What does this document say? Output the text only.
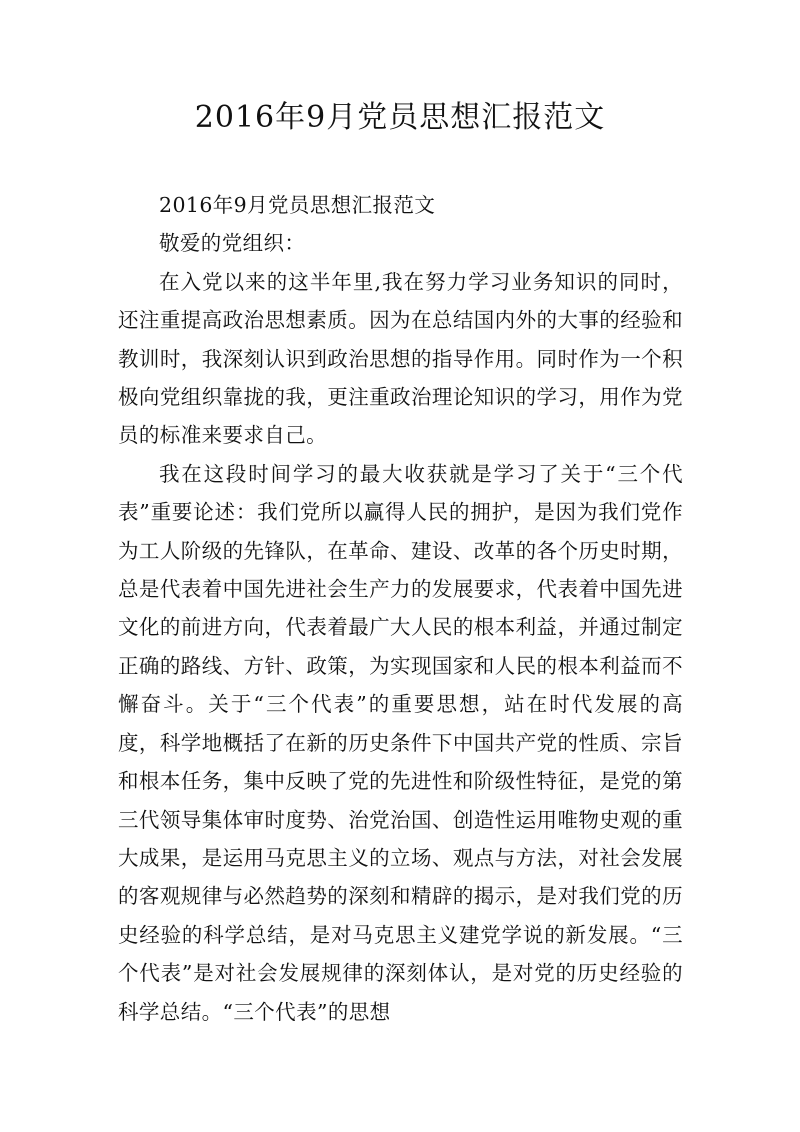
2016年9月党员思想汇报范文

2016年9月党员思想汇报范文

敬爱的党组织：

在入党以来的这半年里,我在努力学习业务知识的同时，还注重提高政治思想素质。因为在总结国内外的大事的经验和教训时，我深刻认识到政治思想的指导作用。同时作为一个积极向党组织靠拢的我，更注重政治理论知识的学习，用作为党员的标准来要求自己。

我在这段时间学习的最大收获就是学习了关于“三个代表”重要论述：我们党所以赢得人民的拥护，是因为我们党作为工人阶级的先锋队，在革命、建设、改革的各个历史时期，总是代表着中国先进社会生产力的发展要求，代表着中国先进文化的前进方向，代表着最广大人民的根本利益，并通过制定正确的路线、方针、政策，为实现国家和人民的根本利益而不懈奋斗。关于“三个代表”的重要思想，站在时代发展的高度，科学地概括了在新的历史条件下中国共产党的性质、宗旨和根本任务，集中反映了党的先进性和阶级性特征，是党的第三代领导集体审时度势、治党治国、创造性运用唯物史观的重大成果，是运用马克思主义的立场、观点与方法，对社会发展的客观规律与必然趋势的深刻和精辟的揭示，是对我们党的历史经验的科学总结，是对马克思主义建党学说的新发展。“三个代表”是对社会发展规律的深刻体认，是对党的历史经验的科学总结。“三个代表”的思想
